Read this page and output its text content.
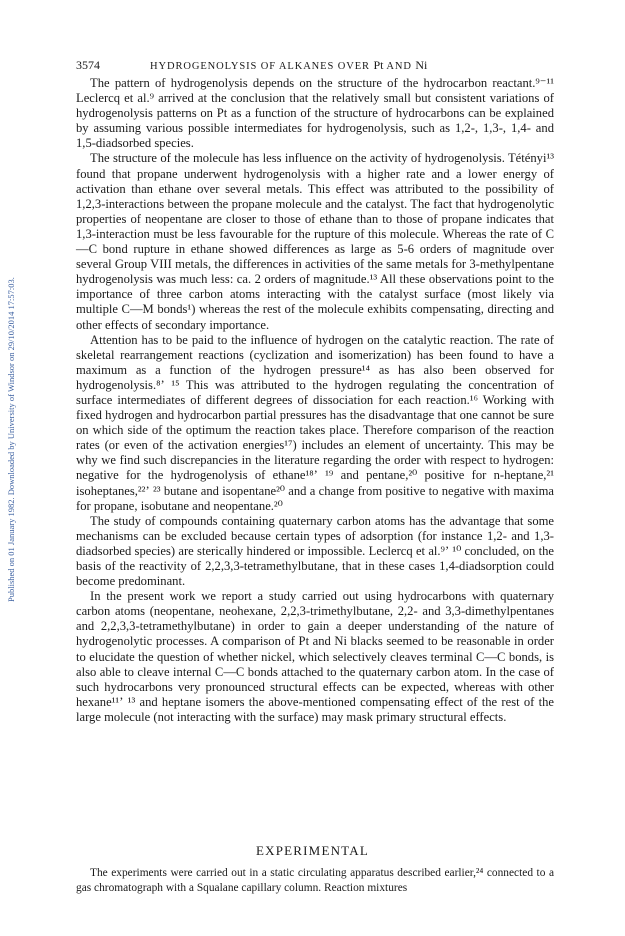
3574	HYDROGENOLYSIS OF ALKANES OVER Pt AND Ni
Published on 01 January 1982. Downloaded by University of Windsor on 29/10/2014 17:57:03.

The pattern of hydrogenolysis depends on the structure of the hydrocarbon reactant.⁹⁻¹¹ Leclercq et al.⁹ arrived at the conclusion that the relatively small but consistent variations of hydrogenolysis patterns on Pt as a function of the structure of hydrocarbons can be explained by assuming various possible intermediates for hydrogenolysis, such as 1,2-, 1,3-, 1,4- and 1,5-diadsorbed species.

The structure of the molecule has less influence on the activity of hydrogenolysis. Tétényi¹³ found that propane underwent hydrogenolysis with a higher rate and a lower energy of activation than ethane over several metals. This effect was attributed to the possibility of 1,2,3-interactions between the propane molecule and the catalyst. The fact that hydrogenolytic properties of neopentane are closer to those of ethane than to those of propane indicates that 1,3-interaction must be less favourable for the rupture of this molecule. Whereas the rate of C—C bond rupture in ethane showed differences as large as 5-6 orders of magnitude over several Group VIII metals, the differences in activities of the same metals for 3-methylpentane hydrogenolysis was much less: ca. 2 orders of magnitude.¹³ All these observations point to the importance of three carbon atoms interacting with the catalyst surface (most likely via multiple C—M bonds¹) whereas the rest of the molecule exhibits compensating, directing and other effects of secondary importance.

Attention has to be paid to the influence of hydrogen on the catalytic reaction. The rate of skeletal rearrangement reactions (cyclization and isomerization) has been found to have a maximum as a function of the hydrogen pressure¹⁴ as has also been observed for hydrogenolysis.⁸ʼ ¹⁵ This was attributed to the hydrogen regulating the concentration of surface intermediates of different degrees of dissociation for each reaction.¹⁶ Working with fixed hydrogen and hydrocarbon partial pressures has the disadvantage that one cannot be sure on which side of the optimum the reaction takes place. Therefore comparison of the reaction rates (or even of the activation energies¹⁷) includes an element of uncertainty. This may be why we find such discrepancies in the literature regarding the order with respect to hydrogen: negative for the hydrogenolysis of ethane¹⁸ʼ ¹⁹ and pentane,²⁰ positive for n-heptane,²¹ isoheptanes,²²ʼ ²³ butane and isopentane²⁰ and a change from positive to negative with maxima for propane, isobutane and neopentane.²⁰

The study of compounds containing quaternary carbon atoms has the advantage that some mechanisms can be excluded because certain types of adsorption (for instance 1,2- and 1,3-diadsorbed species) are sterically hindered or impossible. Leclercq et al.⁹ʼ ¹⁰ concluded, on the basis of the reactivity of 2,2,3,3-tetramethylbutane, that in these cases 1,4-diadsorption could become predominant.

In the present work we report a study carried out using hydrocarbons with quaternary carbon atoms (neopentane, neohexane, 2,2,3-trimethylbutane, 2,2- and 3,3-dimethylpentanes and 2,2,3,3-tetramethylbutane) in order to gain a deeper understanding of the nature of hydrogenolytic processes. A comparison of Pt and Ni blacks seemed to be reasonable in order to elucidate the question of whether nickel, which selectively cleaves terminal C—C bonds, is also able to cleave internal C—C bonds attached to the quaternary carbon atom. In the case of such hydrocarbons very pronounced structural effects can be expected, whereas with other hexane¹¹ʼ ¹³ and heptane isomers the above-mentioned compensating effect of the rest of the large molecule (not interacting with the surface) may mask primary structural effects.

EXPERIMENTAL

The experiments were carried out in a static circulating apparatus described earlier,²⁴ connected to a gas chromatograph with a Squalane capillary column. Reaction mixtures
